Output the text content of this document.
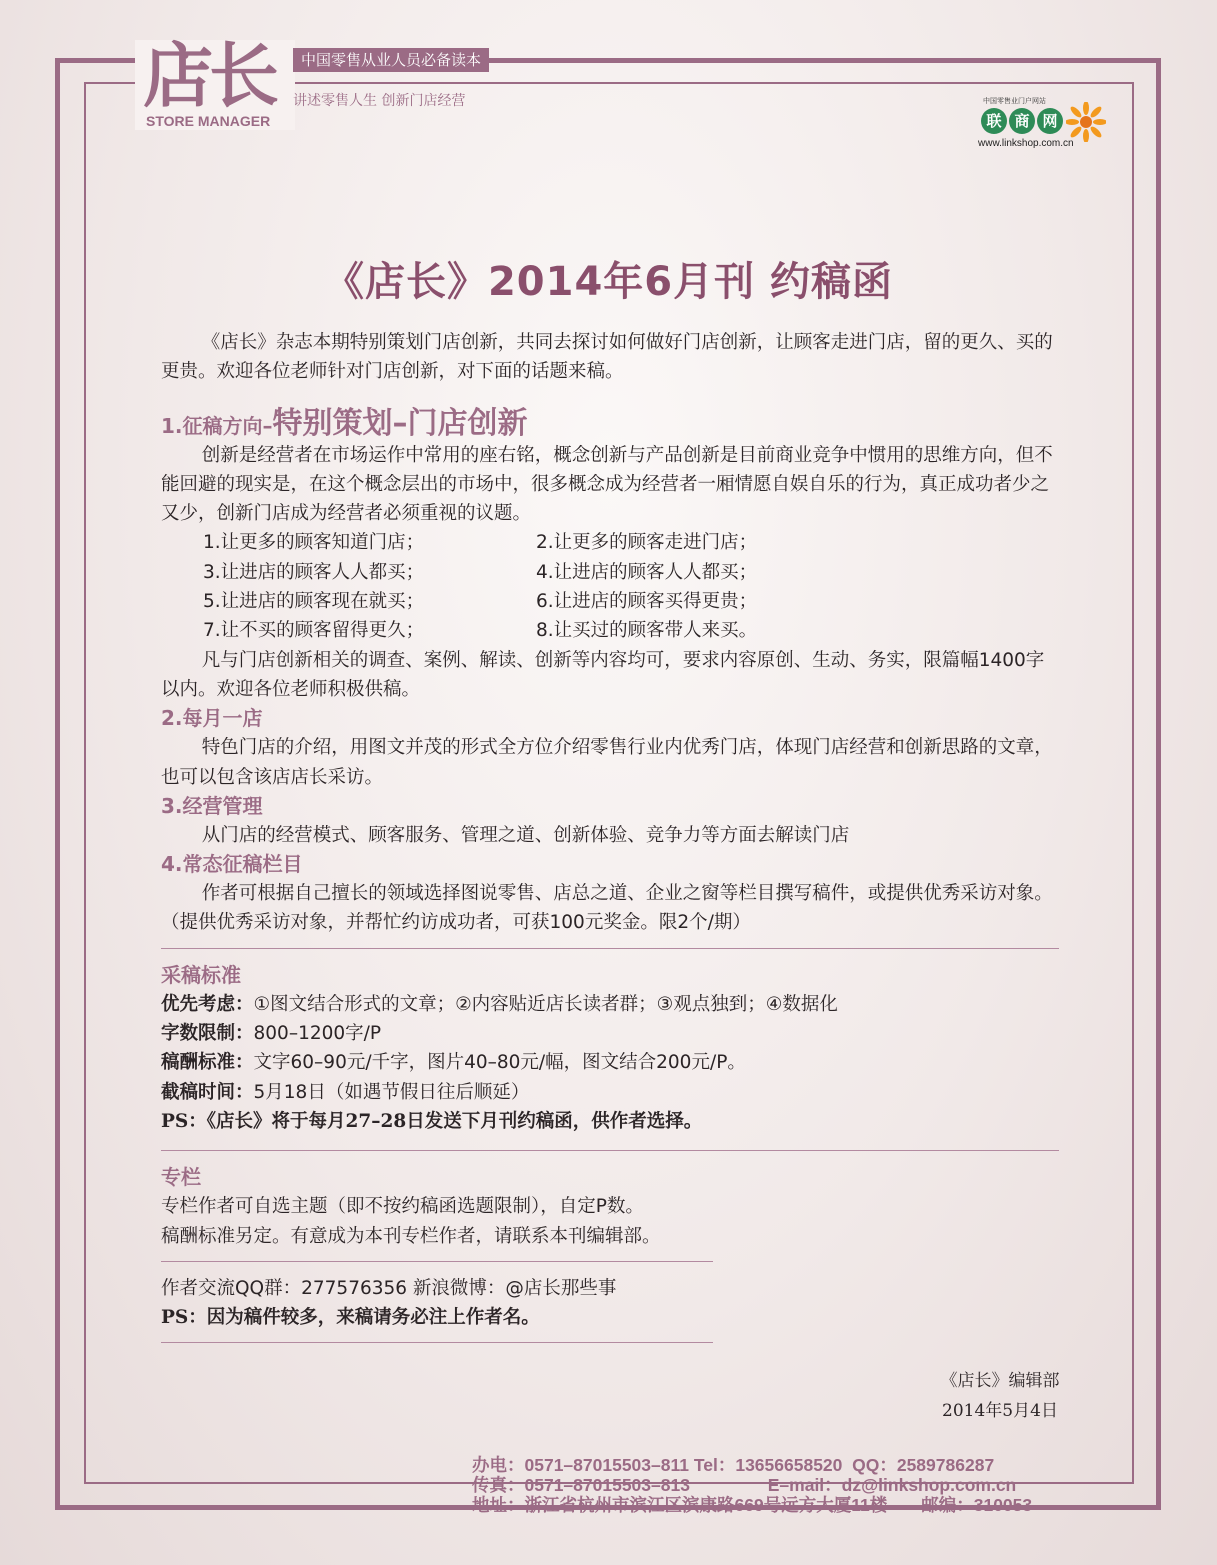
店长
STORE MANAGER
中国零售从业人员必备读本
讲述零售人生 创新门店经营	中国零售业门户网站
联 商 网
www.linkshop.com.cn
《店长》2014年6月刊 约稿函

《店长》杂志本期特别策划门店创新，共同去探讨如何做好门店创新，让顾客走进门店，留的更久、买的更贵。欢迎各位老师针对门店创新，对下面的话题来稿。

1.征稿方向–特别策划–门店创新

创新是经营者在市场运作中常用的座右铭，概念创新与产品创新是目前商业竞争中惯用的思维方向，但不能回避的现实是，在这个概念层出的市场中，很多概念成为经营者一厢情愿自娱自乐的行为，真正成功者少之又少，创新门店成为经营者必须重视的议题。

1.让更多的顾客知道门店；	2.让更多的顾客走进门店；
3.让进店的顾客人人都买；	4.让进店的顾客人人都买；
5.让进店的顾客现在就买；	6.让进店的顾客买得更贵；
7.让不买的顾客留得更久；	8.让买过的顾客带人来买。

凡与门店创新相关的调查、案例、解读、创新等内容均可，要求内容原创、生动、务实，限篇幅1400字以内。欢迎各位老师积极供稿。

2.每月一店

特色门店的介绍，用图文并茂的形式全方位介绍零售行业内优秀门店，体现门店经营和创新思路的文章，也可以包含该店店长采访。

3.经营管理

从门店的经营模式、顾客服务、管理之道、创新体验、竞争力等方面去解读门店

4.常态征稿栏目

作者可根据自己擅长的领域选择图说零售、店总之道、企业之窗等栏目撰写稿件，或提供优秀采访对象。（提供优秀采访对象，并帮忙约访成功者，可获100元奖金。限2个/期）

采稿标准

优先考虑：①图文结合形式的文章；②内容贴近店长读者群；③观点独到；④数据化

字数限制：800–1200字/P

稿酬标准：文字60–90元/千字，图片40–80元/幅，图文结合200元/P。

截稿时间：5月18日（如遇节假日往后顺延）

PS：《店长》将于每月27–28日发送下月刊约稿函，供作者选择。

专栏

专栏作者可自选主题（即不按约稿函选题限制），自定P数。

稿酬标准另定。有意成为本刊专栏作者，请联系本刊编辑部。

作者交流QQ群：277576356 新浪微博：@店长那些事

PS：因为稿件较多，来稿请务必注上作者名。

《店长》编辑部
2014年5月4日
办电：0571–87015503–811 Tel：13656658520  QQ：2589786287
传真：0571–87015503–813                E–mail：dz@linkshop.com.cn
地址：浙江省杭州市滨江区滨康路669号远方大厦11楼       邮编：310053
